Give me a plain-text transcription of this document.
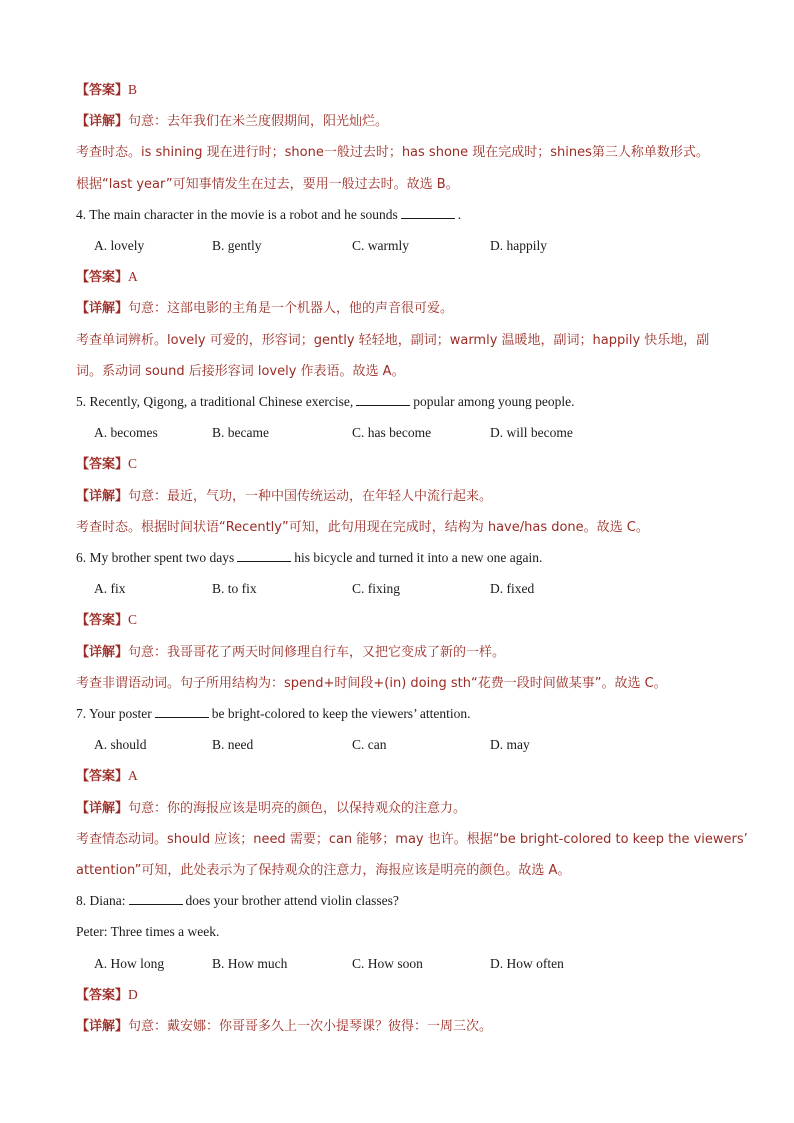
【答案】B
【详解】句意：去年我们在米兰度假期间，阳光灿烂。
考查时态。is shining 现在进行时；shone一般过去时；has shone 现在完成时；shines第三人称单数形式。
根据“last year”可知事情发生在过去，要用一般过去时。故选 B。
4. The main character in the movie is a robot and he sounds	.
A. lovely	B. gently	C. warmly	D. happily
【答案】A
【详解】句意：这部电影的主角是一个机器人，他的声音很可爱。
考查单词辨析。lovely 可爱的，形容词；gently 轻轻地，副词；warmly 温暖地，副词；happily 快乐地，副
词。系动词 sound 后接形容词 lovely 作表语。故选 A。
5. Recently, Qigong, a traditional Chinese exercise,	popular among young people.
A. becomes	B. became	C. has become	D. will become
【答案】C
【详解】句意：最近，气功，一种中国传统运动，在年轻人中流行起来。
考查时态。根据时间状语“Recently”可知，此句用现在完成时，结构为 have/has done。故选 C。
6. My brother spent two days	his bicycle and turned it into a new one again.
A. fix	B. to fix	C. fixing	D. fixed
【答案】C
【详解】句意：我哥哥花了两天时间修理自行车，又把它变成了新的一样。
考查非谓语动词。句子所用结构为：spend+时间段+(in) doing sth“花费一段时间做某事”。故选 C。
7. Your poster	be bright-colored to keep the viewers’ attention.
A. should	B. need	C. can	D. may
【答案】A
【详解】句意：你的海报应该是明亮的颜色，以保持观众的注意力。
考查情态动词。should 应该；need 需要；can 能够；may 也许。根据“be bright-colored to keep the viewers’
attention”可知，此处表示为了保持观众的注意力，海报应该是明亮的颜色。故选 A。
8. Diana:	does your brother attend violin classes?
Peter: Three times a week.
A. How long	B. How much	C. How soon	D. How often
【答案】D
【详解】句意：戴安娜：你哥哥多久上一次小提琴课？彼得：一周三次。
